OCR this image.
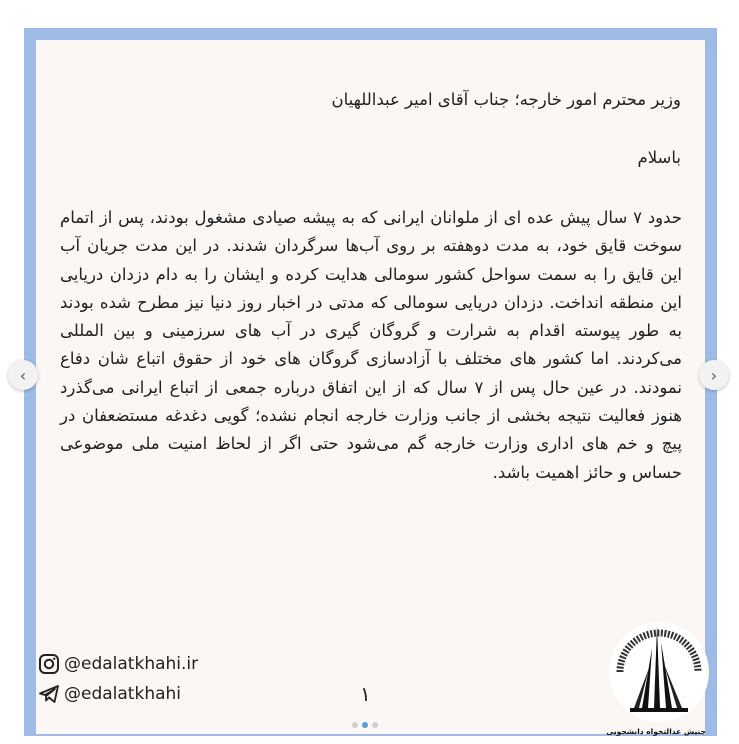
وزیر محترم امور خارجه؛ جناب آقای امیر عبداللهیان

باسلام

حدود ۷ سال پیش عده ای از ملوانان ایرانی که به پیشه صیادی مشغول بودند، پس از اتمام سوخت قایق خود، به مدت دوهفته بر روی آب‌ها سرگردان شدند. در این مدت جریان آب این قایق را به سمت سواحل کشور سومالی هدایت کرده و ایشان را به دام دزدان دریایی این منطقه انداخت. دزدان دریایی سومالی که مدتی در اخبار روز دنیا نیز مطرح شده بودند به طور پیوسته اقدام به شرارت و گروگان گیری در آب های سرزمینی و بین المللی می‌کردند. اما کشور های مختلف با آزادسازی گروگان های خود از حقوق اتباع شان دفاع نمودند. در عین حال پس از ۷ سال که از این اتفاق درباره جمعی از اتباع ایرانی می‌گذرد هنوز فعالیت نتیجه بخشی از جانب وزارت خارجه انجام نشده؛ گویی دغدغه مستضعفان در پیچ و خم های اداری وزارت خارجه گم می‌شود حتی اگر از لحاظ امنیت ملی موضوعی حساس و حائز اهمیت باشد.

@edalatkhahi.ir
@edalatkhahi	۱
جنبش عدالتخواه دانشجویی
‹	›
